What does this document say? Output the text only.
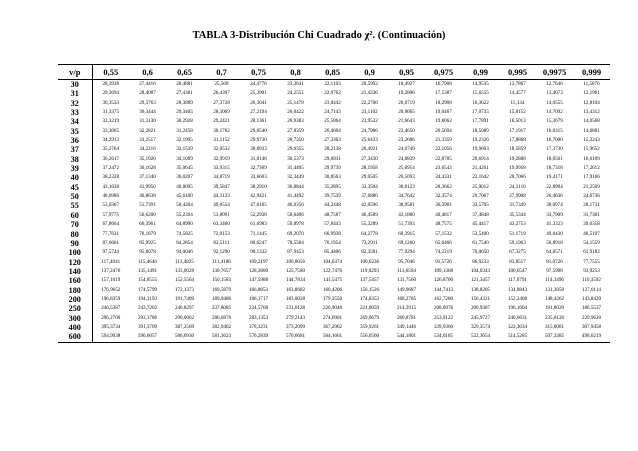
TABLA 3-Distribución Chi Cuadrado χ². (Continuación)
v/p	0,55	0,6	0,65	0,7	0,75	0,8	0,85	0,9	0,95	0,975	0,99	0,995	0,9975	0,999
30	28,3938	27,4416	26,4881	25,508	24,4776	23,3641	22,1103	20,5992	18,4927	16,7908	14,9535	13,7867	12,7646	11,5876
31	29,3694	28,4087	27,4381	26,4397	25,3901	24,2551	22,9762	21,4336	19,2806	17,5387	15,6555	14,4577	13,4073	12,1961
32	30,3533	29,3763	28,3889	27,3728	26,3041	25,1478	23,8442	22,2706	20,0719	18,2908	16,3622	15,134	14,0555	12,8104
33	31,3375	30,3444	29,3405	28,3069	27,2194	26,0422	24,7143	23,1102	20,8665	19,0467	17,0735	15,8152	14,7092	13,4312
34	32,3219	31,3130	30,2928	29,2421	28,1361	26,9383	25,5864	23,9522	21,6643	19,8062	17,7891	16,5013	15,3679	14,0568
35	33,3065	32,2821	31,2458	30,1782	29,0540	27,8359	26,4604	24,7966	22,4650	20,5694	18,5089	17,1917	16,0315	14,6881
36	34,2913	33,2517	32,1995	31,1152	29,9730	28,7350	27,3363	25,6433	23,2686	21,3359	19,2326	17,8868	16,7000	15,3243
37	35,2764	34,2216	33,1539	32,0532	30,8933	29,6355	28,2138	26,4921	24,0749	22,1056	19,9603	18,5859	17,3730	15,9652
38	36,2617	35,1920	34,1089	32,9919	31,8146	30,5373	29,0931	27,3430	24,8839	22,8785	20,6914	19,2888	18,0501	16,6109
39	37,2472	36,1628	35,0645	33,9315	32,7369	31,4405	29,9739	28,1958	25,6954	23,6543	21,4261	19,9958	18,7318	17,2612
40	38,2328	37,1340	36,0207	34,8719	33,6603	32,3449	30,8563	29,0505	26,5093	24,4331	22,1642	20,7066	19,4171	17,9166
45	43,1638	41,9950	40,8095	39,5847	38,2910	36,8844	35,2895	33,3504	30,6123	28,3662	25,9012	24,3110	22,8994	21,2509
50	48,0986	46,8638	45,6100	44,3133	42,9421	41,4492	39,7539	37,6886	34,7642	32,3574	29,7067	27,9908	26,4636	24,6736
55	53,0367	51,7391	50,4204	49,0554	47,6105	46,0356	44,2448	42,0596	38,9581	36,3981	33,5705	31,7349	30,0974	28,1731
60	57,9775	56,6200	55,2394	53,8091	52,2938	50,6406	48,7587	46,4589	43,1880	40,4817	37,4848	35,5344	33,7909	31,7381
70	67,8664	66,3961	64,8990	63,3460	61,6983	59,8978	57,8443	55,3289	51,7393	48,7575	45,4417	43,2753	41,3323	39,0358
80	77,7631	76,1879	74,5825	72,9153	71,1445	69,2070	66,9938	64,2778	60,3915	57,1532	53,5400	51,1719	49,0430	46,5197
90	87,6661	85,9925	84,2854	82,5111	80,6247	78,5584	76,1954	73,2911	69,1260	65,6466	61,7540	59,1963	56,8918	54,1559
100	97,5744	95,8078	94,0046	92,1290	90,1332	87,9453	85,4406	82,3581	77,9294	74,2219	70,0650	67,3275	64,8571	61,9182
120	117,4041	115,4646	113,4825	111,4186	109,2197	106,8056	104,0374	100,6236	95,7046	91,5726	86,9233	83,8517	81,0726	77,7555
140	137,2476	135,1491	133,0028	130,7657	128,3800	125,7580	122,7476	119,0293	113,6594	109,1368	104,0343	100,6547	97,5908	93,9253
160	157,1019	154,8555	152,5564	150,1583	147,5988	144,7834	141,5475	137,5457	131,7560	126,8700	121,3457	117,6791	114,3496	110,3592
180	176,9652	174,5799	172,1373	169,5879	166,8653	163,8682	160,4206	156,1526	149,9687	144,7413	138,8205	134,8843	131,3050	127,0114
200	196,8359	194,3193	191,7409	189,0486	186,1717	183,0028	179,3550	174,8353	168,2785	162,7280	156,4321	152,2408	148,4262	143,8420
250	246,5387	243,7202	240,8297	237,8085	234,5768	231,0128	226,9048	221,8059	214,3915	208,0978	200,9387	196,1604	191,8020	186,5537
300	296,2700	293,1786	290,0062	286,6878	283,1353	279,2143	274,6901	269,0679	260,8781	253,9122	245,9727	240,6631	235,8126	229,9620
400	395,3734	391,3709	387,2569	382,9462	378,3231	373,2099	367,2962	359,9261	349,1446	339,9360	329,3574	322,3034	315,8081	307,9458
600	594,9938	590,6057	586,0930	581,3623	576,2839	570,6681	564,1661	556,0560	544,1801	534,0185	522,3654	514,5285	507,3385	498,6219
